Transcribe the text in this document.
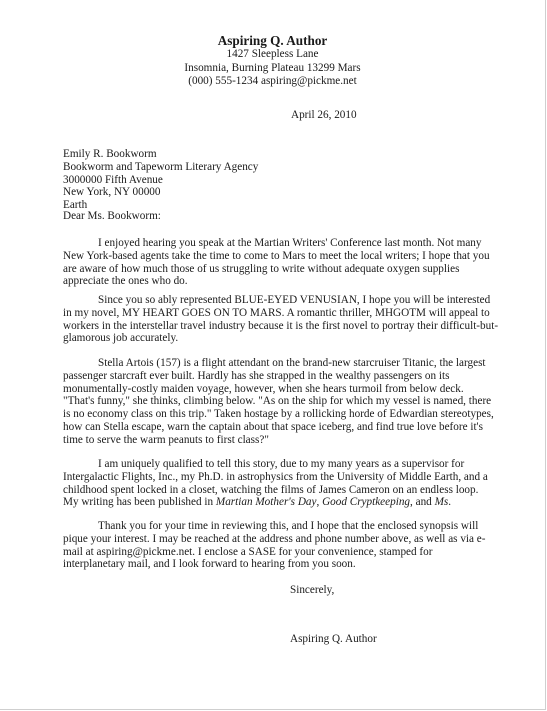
Aspiring Q. Author
1427 Sleepless Lane
Insomnia, Burning Plateau 13299 Mars
(000) 555-1234 aspiring@pickme.net
April 26, 2010
Emily R. Bookworm
Bookworm and Tapeworm Literary Agency
3000000 Fifth Avenue
New York, NY 00000
Earth
Dear Ms. Bookworm:
I enjoyed hearing you speak at the Martian Writers' Conference last month. Not many
New York-based agents take the time to come to Mars to meet the local writers; I hope that you
are aware of how much those of us struggling to write without adequate oxygen supplies
appreciate the ones who do.
Since you so ably represented BLUE-EYED VENUSIAN, I hope you will be interested
in my novel, MY HEART GOES ON TO MARS. A romantic thriller, MHGOTM will appeal to
workers in the interstellar travel industry because it is the first novel to portray their difficult-but-
glamorous job accurately.
Stella Artois (157) is a flight attendant on the brand-new starcruiser Titanic, the largest
passenger starcraft ever built. Hardly has she strapped in the wealthy passengers on its
monumentally-costly maiden voyage, however, when she hears turmoil from below deck.
"That's funny," she thinks, climbing below. "As on the ship for which my vessel is named, there
is no economy class on this trip." Taken hostage by a rollicking horde of Edwardian stereotypes,
how can Stella escape, warn the captain about that space iceberg, and find true love before it's
time to serve the warm peanuts to first class?"
I am uniquely qualified to tell this story, due to my many years as a supervisor for
Intergalactic Flights, Inc., my Ph.D. in astrophysics from the University of Middle Earth, and a
childhood spent locked in a closet, watching the films of James Cameron on an endless loop.
My writing has been published in Martian Mother's Day, Good Cryptkeeping, and Ms.
Thank you for your time in reviewing this, and I hope that the enclosed synopsis will
pique your interest. I may be reached at the address and phone number above, as well as via e-
mail at aspiring@pickme.net. I enclose a SASE for your convenience, stamped for
interplanetary mail, and I look forward to hearing from you soon.
Sincerely,
Aspiring Q. Author
